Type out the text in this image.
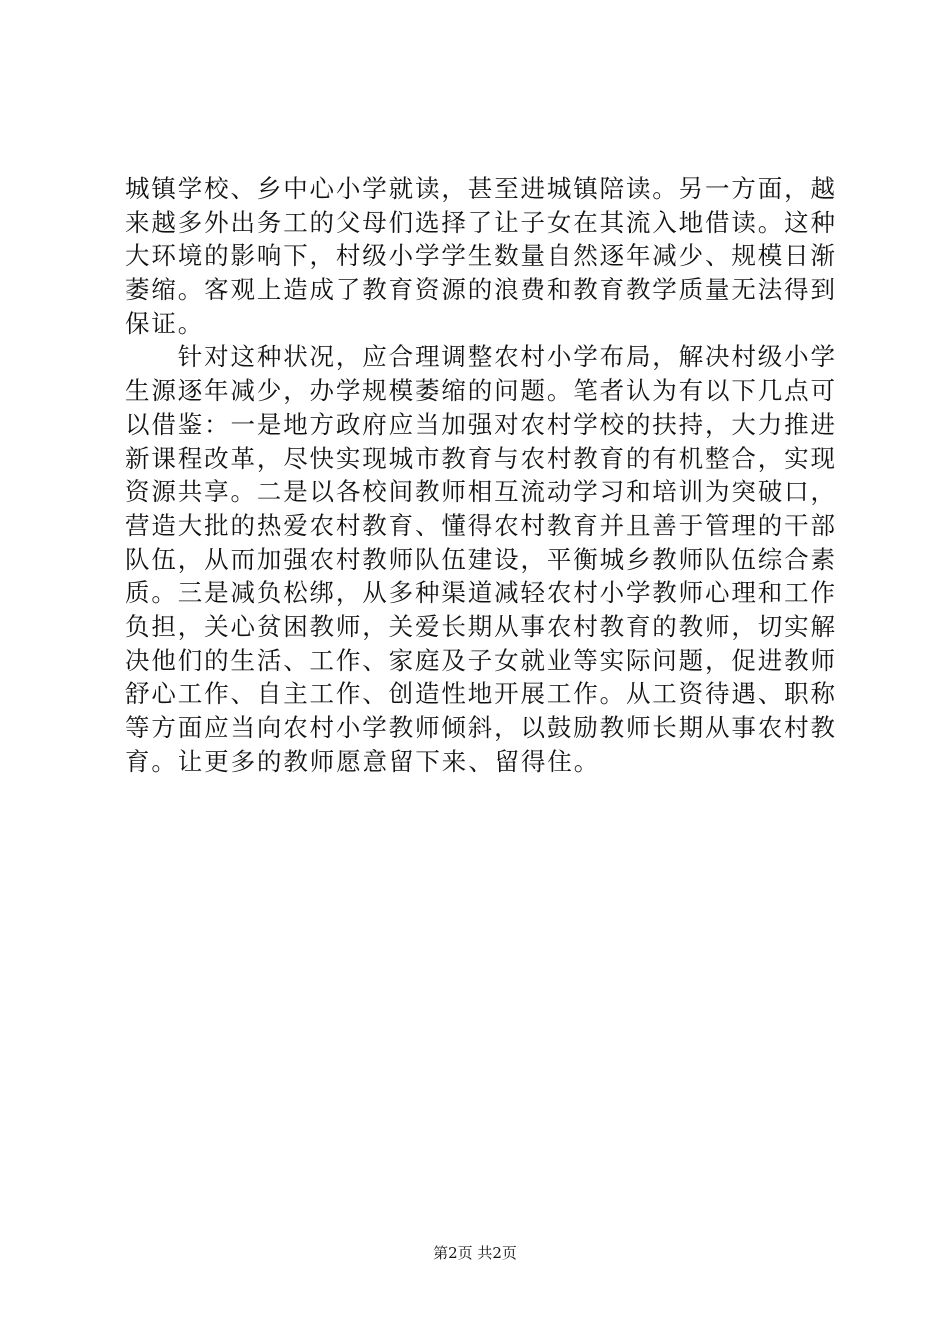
城镇学校、乡中心小学就读，甚至进城镇陪读。另一方面，越
来越多外出务工的父母们选择了让子女在其流入地借读。这种
大环境的影响下，村级小学学生数量自然逐年减少、规模日渐
萎缩。客观上造成了教育资源的浪费和教育教学质量无法得到
保证。
　　针对这种状况，应合理调整农村小学布局，解决村级小学
生源逐年减少，办学规模萎缩的问题。笔者认为有以下几点可
以借鉴：一是地方政府应当加强对农村学校的扶持，大力推进
新课程改革，尽快实现城市教育与农村教育的有机整合，实现
资源共享。二是以各校间教师相互流动学习和培训为突破口，
营造大批的热爱农村教育、懂得农村教育并且善于管理的干部
队伍，从而加强农村教师队伍建设，平衡城乡教师队伍综合素
质。三是减负松绑，从多种渠道减轻农村小学教师心理和工作
负担，关心贫困教师，关爱长期从事农村教育的教师，切实解
决他们的生活、工作、家庭及子女就业等实际问题，促进教师
舒心工作、自主工作、创造性地开展工作。从工资待遇、职称
等方面应当向农村小学教师倾斜，以鼓励教师长期从事农村教
育。让更多的教师愿意留下来、留得住。
第2页 共2页
